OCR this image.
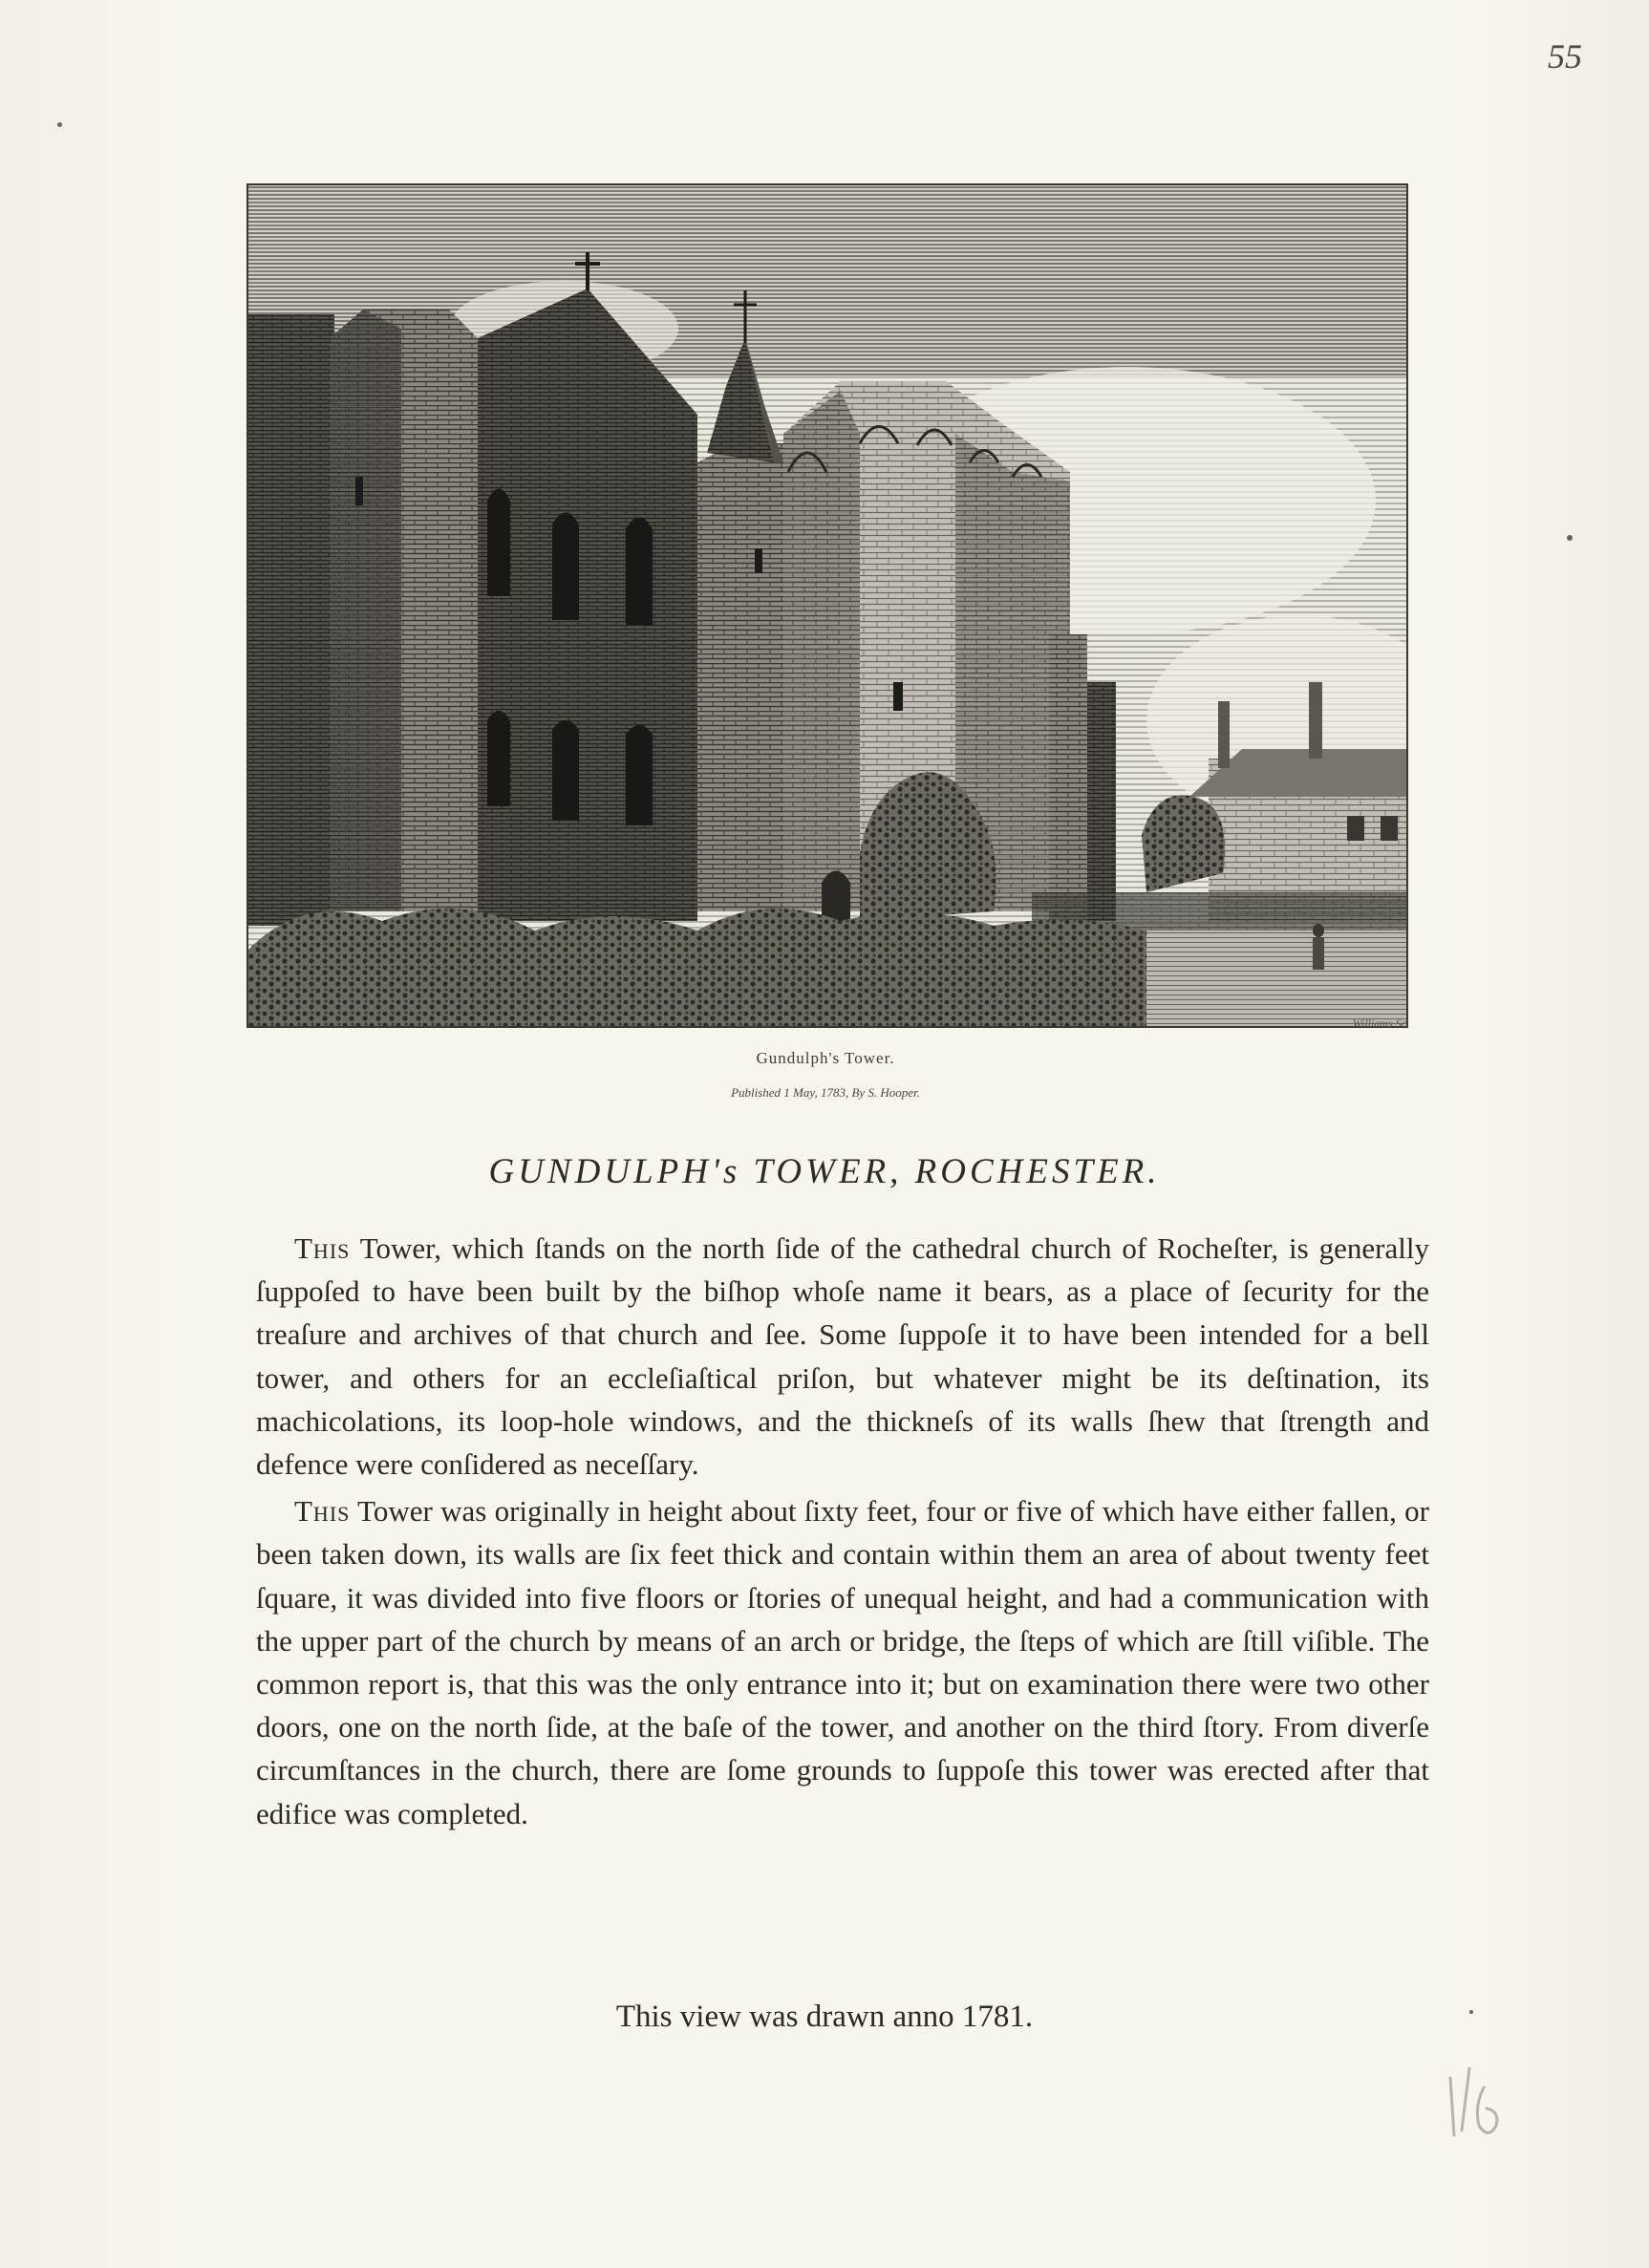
55
Williams Sc.
Gundulph's Tower.
Published 1 May, 1783, By S. Hooper.
GUNDULPH's TOWER, ROCHESTER.

This Tower, which ſtands on the north ſide of the cathedral church of Rocheſter, is generally ſuppoſed to have been built by the biſhop whoſe name it bears, as a place of ſecurity for the treaſure and archives of that church and ſee. Some ſuppoſe it to have been intended for a bell tower, and others for an eccleſiaſtical priſon, but whatever might be its deſtination, its machicolations, its loop-hole windows, and the thickneſs of its walls ſhew that ſtrength and defence were conſidered as neceſſary.

This Tower was originally in height about ſixty feet, four or five of which have either fallen, or been taken down, its walls are ſix feet thick and contain within them an area of about twenty feet ſquare, it was divided into five floors or ſtories of unequal height, and had a communication with the upper part of the church by means of an arch or bridge, the ſteps of which are ſtill viſible. The common report is, that this was the only entrance into it; but on examination there were two other doors, one on the north ſide, at the baſe of the tower, and another on the third ſtory. From diverſe circumſtances in the church, there are ſome grounds to ſuppoſe this tower was erected after that edifice was completed.

This view was drawn anno 1781.
